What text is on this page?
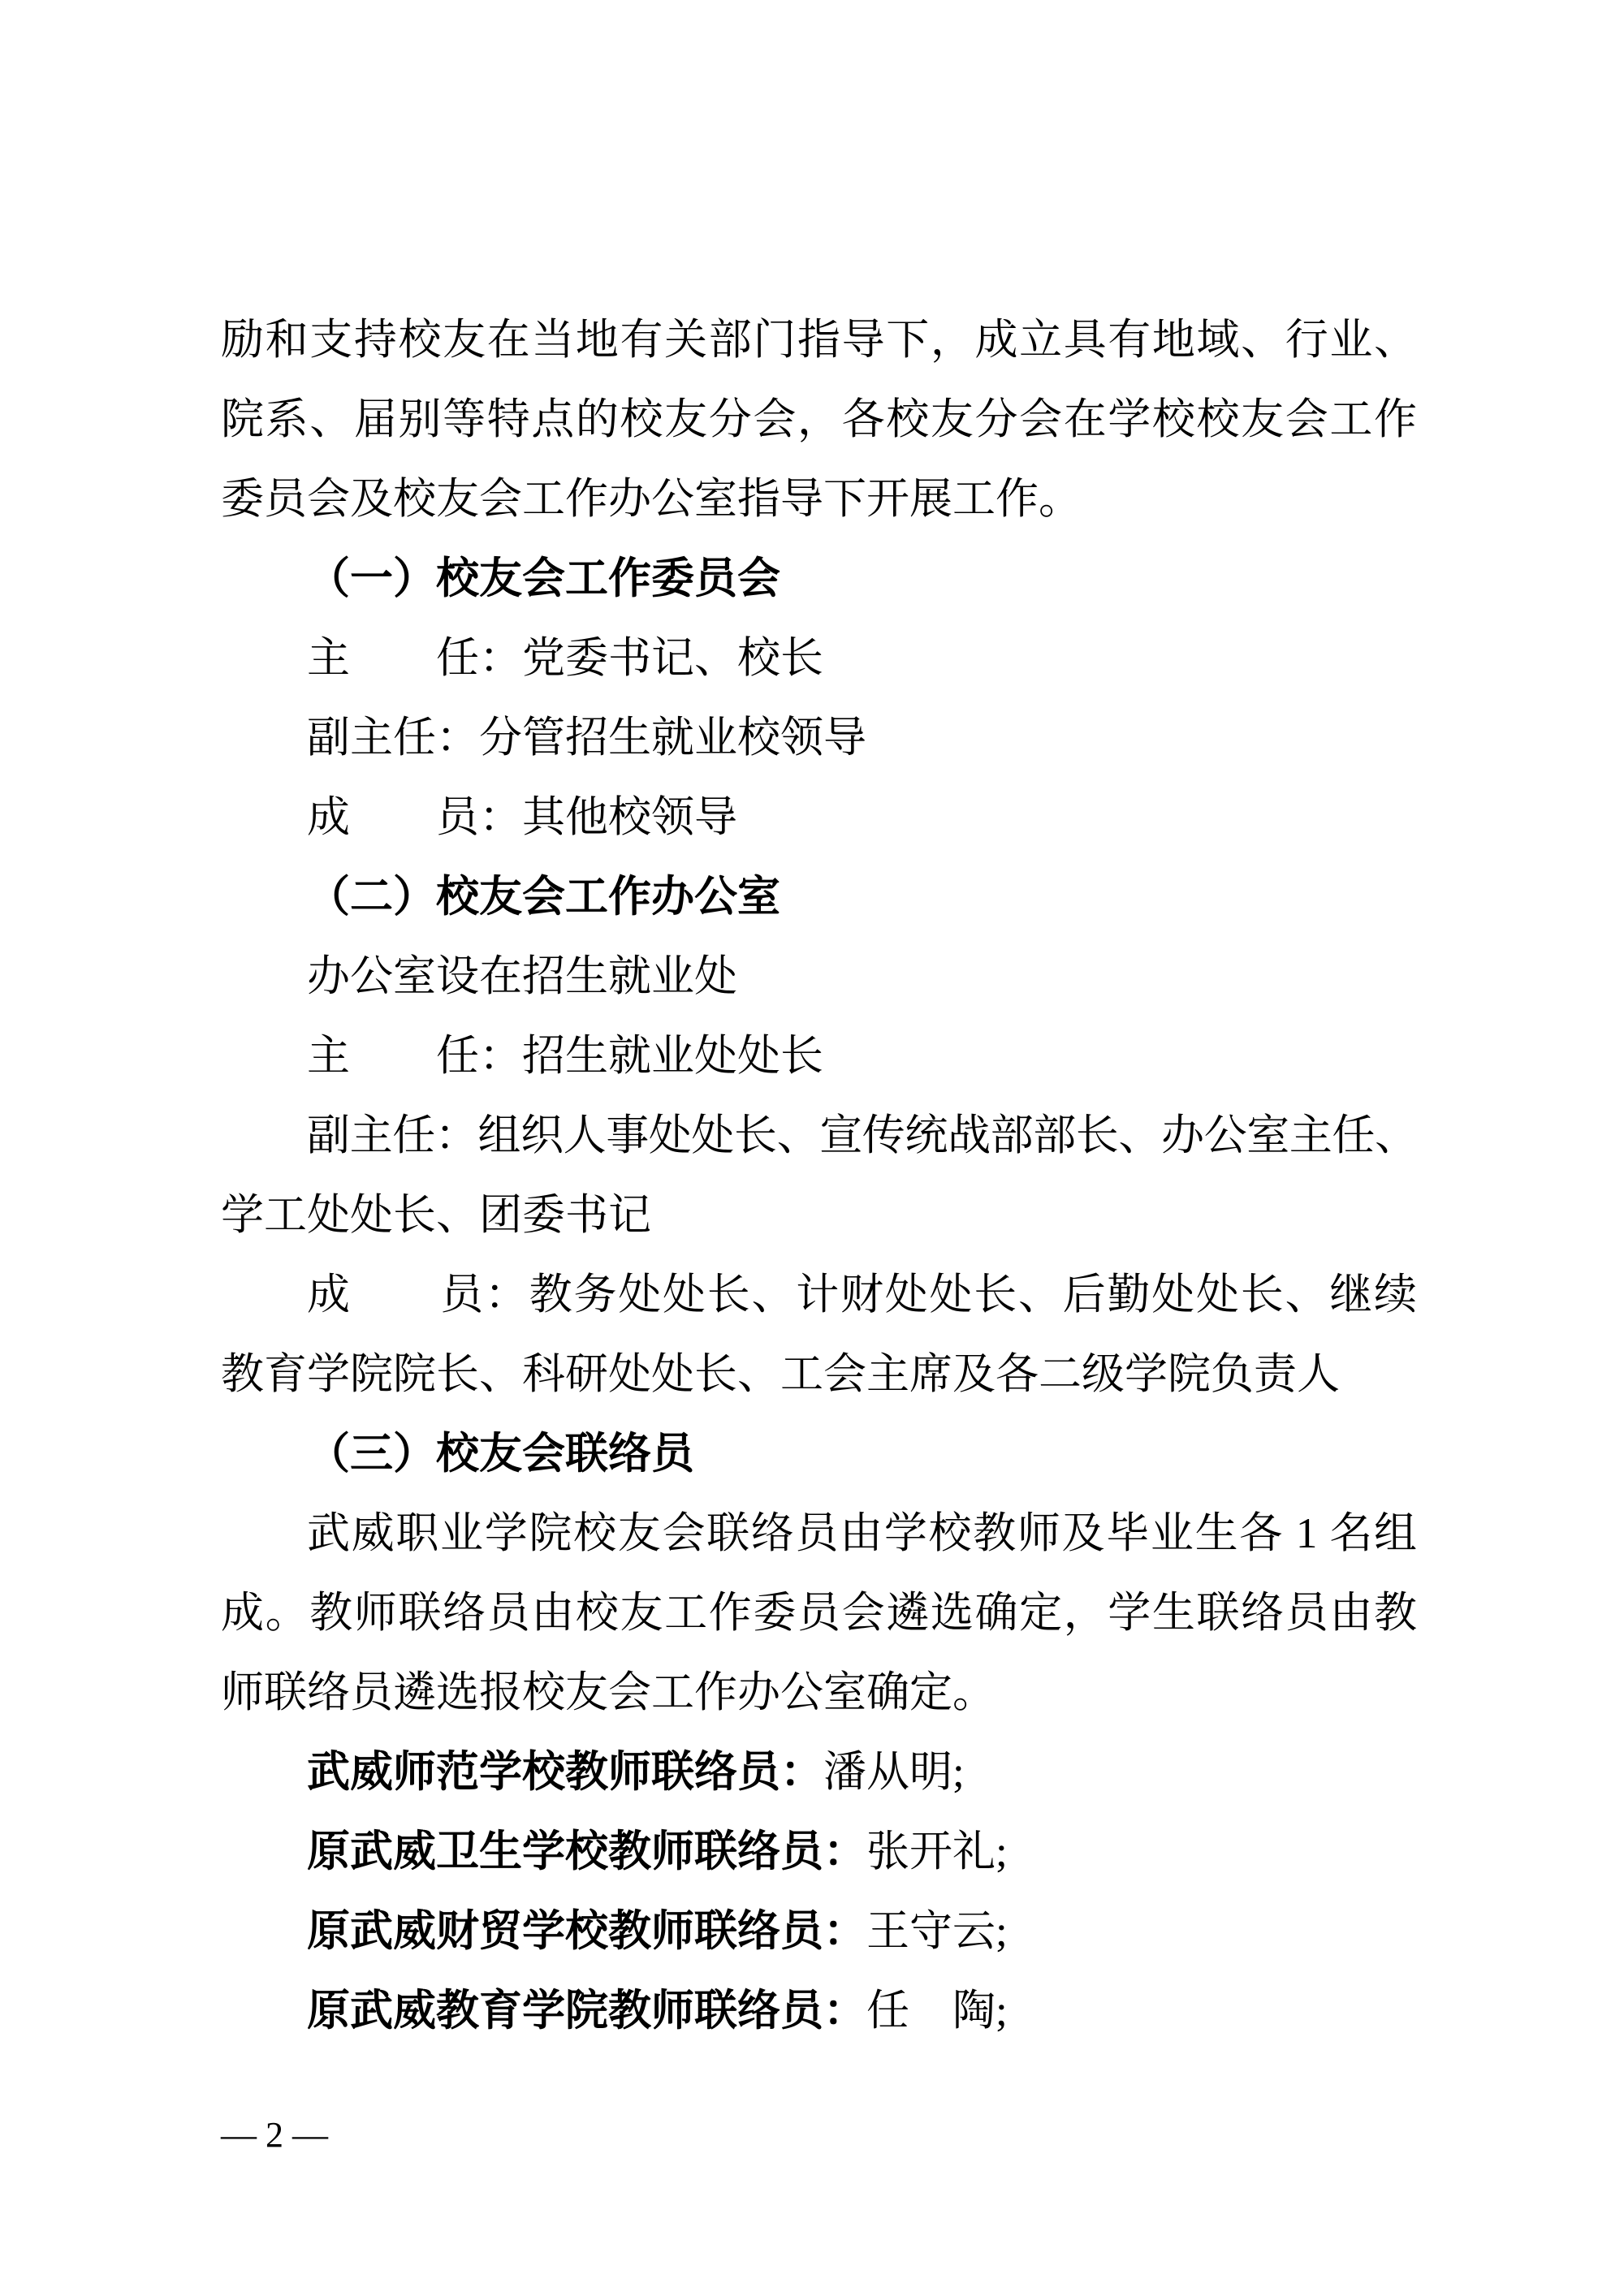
励和支持校友在当地有关部门指导下，成立具有地域、行业、
院系、届别等特点的校友分会，各校友分会在学校校友会工作
委员会及校友会工作办公室指导下开展工作。
（一）校友会工作委员会
主　　任：党委书记、校长
副主任：分管招生就业校领导
成　　员：其他校领导
（二）校友会工作办公室
办公室设在招生就业处
主　　任：招生就业处处长
副主任：组织人事处处长、宣传统战部部长、办公室主任、
学工处处长、团委书记
成　　员：教务处处长、计财处处长、后勤处处长、继续
教育学院院长、科研处处长、工会主席及各二级学院负责人
（三）校友会联络员
武威职业学院校友会联络员由学校教师及毕业生各 1 名组
成。教师联络员由校友工作委员会遴选确定，学生联络员由教
师联络员遴选报校友会工作办公室确定。
武威师范学校教师联络员：潘从明;
原武威卫生学校教师联络员：张开礼;
原武威财贸学校教师联络员：王守云;
原武威教育学院教师联络员：任　陶;
— 2 —
